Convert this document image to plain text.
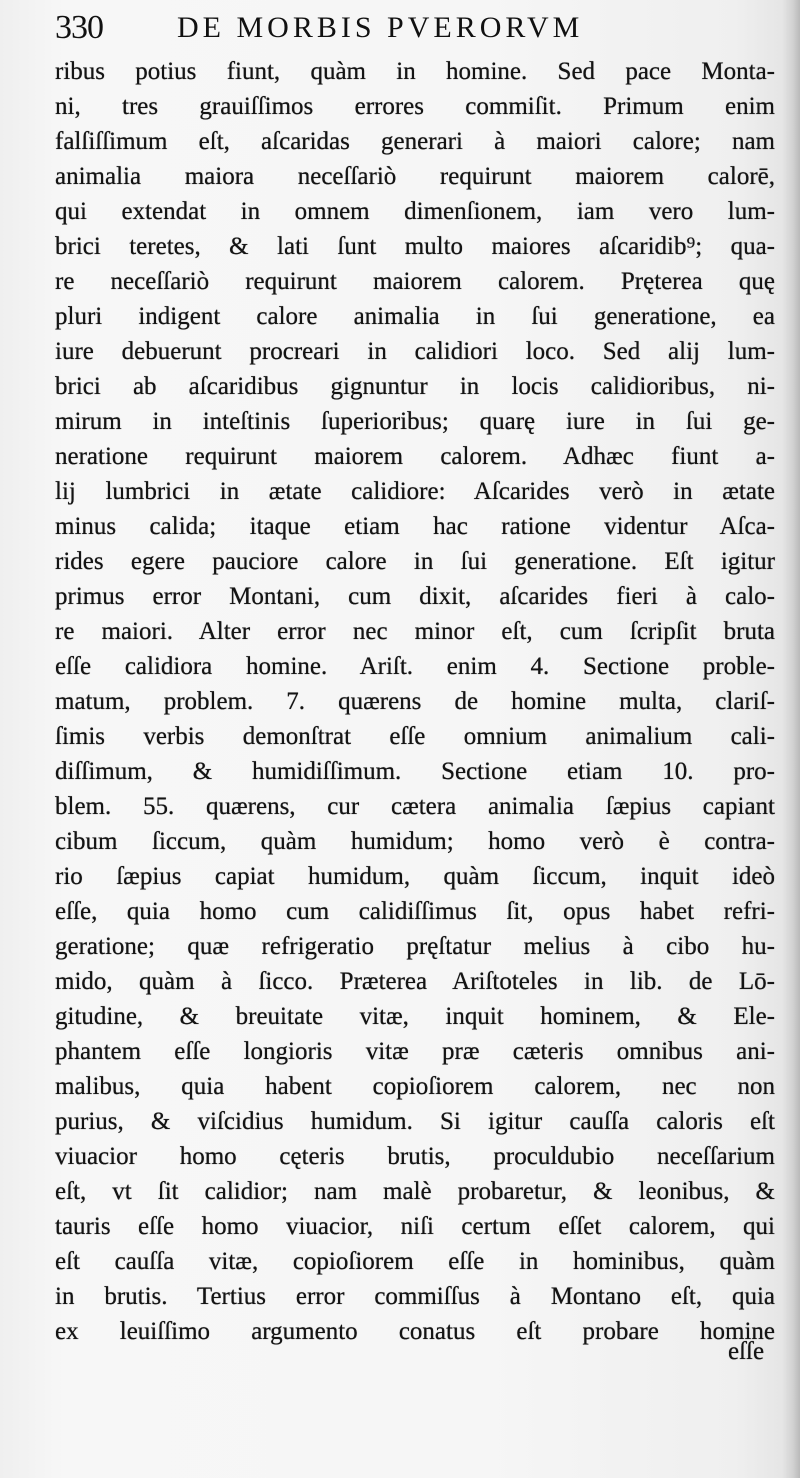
330 DE MORBIS PVERORVM
ribus potius fiunt, quàm in homine. Sed pace Monta-
ni, tres grauiſſimos errores commiſit. Primum enim
falſiſſimum eſt, aſcaridas generari à maiori calore; nam
animalia maiora neceſſariò requirunt maiorem calorē,
qui extendat in omnem dimenſionem, iam vero lum-
brici teretes, & lati ſunt multo maiores aſcaridib⁹; qua-
re neceſſariò requirunt maiorem calorem. Pręterea quę
pluri indigent calore animalia in ſui generatione, ea
iure debuerunt procreari in calidiori loco. Sed alij lum-
brici ab aſcaridibus gignuntur in locis calidioribus, ni-
mirum in inteſtinis ſuperioribus; quarę iure in ſui ge-
neratione requirunt maiorem calorem. Adhæc fiunt a-
lij lumbrici in ætate calidiore: Aſcarides verò in ætate
minus calida; itaque etiam hac ratione videntur Aſca-
rides egere pauciore calore in ſui generatione. Eſt igitur
primus error Montani, cum dixit, aſcarides fieri à calo-
re maiori. Alter error nec minor eſt, cum ſcripſit bruta
eſſe calidiora homine. Ariſt. enim 4. Sectione proble-
matum, problem. 7. quærens de homine multa, clariſ-
ſimis verbis demonſtrat eſſe omnium animalium cali-
diſſimum, & humidiſſimum. Sectione etiam 10. pro-
blem. 55. quærens, cur cætera animalia ſæpius capiant
cibum ſiccum, quàm humidum; homo verò è contra-
rio ſæpius capiat humidum, quàm ſiccum, inquit ideò
eſſe, quia homo cum calidiſſimus ſit, opus habet refri-
geratione; quæ refrigeratio pręſtatur melius à cibo hu-
mido, quàm à ſicco. Præterea Ariſtoteles in lib. de Lō-
gitudine, & breuitate vitæ, inquit hominem, & Ele-
phantem eſſe longioris vitæ præ cæteris omnibus ani-
malibus, quia habent copioſiorem calorem, nec non
purius, & viſcidius humidum. Si igitur cauſſa caloris eſt
viuacior homo cęteris brutis, proculdubio neceſſarium
eſt, vt ſit calidior; nam malè probaretur, & leonibus, &
tauris eſſe homo viuacior, niſi certum eſſet calorem, qui
eſt cauſſa vitæ, copioſiorem eſſe in hominibus, quàm
in brutis. Tertius error commiſſus à Montano eſt, quia
ex leuiſſimo argumento conatus eſt probare homine
eſſe
